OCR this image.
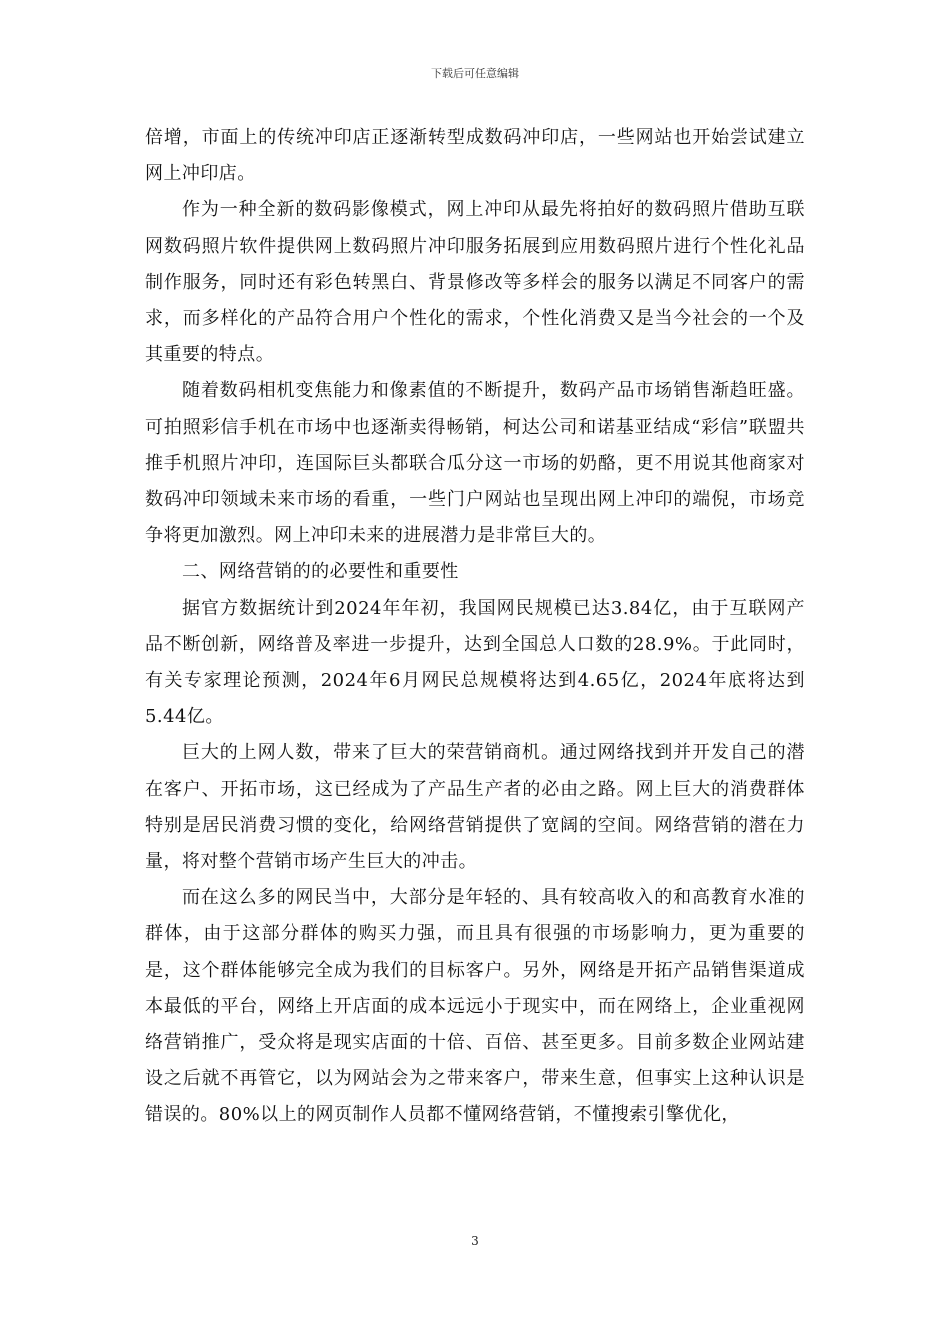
下载后可任意编辑

倍增，市面上的传统冲印店正逐渐转型成数码冲印店，一些网站也开始尝试建立网上冲印店。

作为一种全新的数码影像模式，网上冲印从最先将拍好的数码照片借助互联网数码照片软件提供网上数码照片冲印服务拓展到应用数码照片进行个性化礼品制作服务，同时还有彩色转黑白、背景修改等多样会的服务以满足不同客户的需求，而多样化的产品符合用户个性化的需求，个性化消费又是当今社会的一个及其重要的特点。

随着数码相机变焦能力和像素值的不断提升，数码产品市场销售渐趋旺盛。可拍照彩信手机在市场中也逐渐卖得畅销，柯达公司和诺基亚结成“彩信”联盟共推手机照片冲印，连国际巨头都联合瓜分这一市场的奶酪，更不用说其他商家对数码冲印领域未来市场的看重，一些门户网站也呈现出网上冲印的端倪，市场竞争将更加激烈。网上冲印未来的进展潜力是非常巨大的。

二、网络营销的的必要性和重要性

据官方数据统计到2024年年初，我国网民规模已达3.84亿，由于互联网产品不断创新，网络普及率进一步提升，达到全国总人口数的28.9%。于此同时，有关专家理论预测，2024年6月网民总规模将达到4.65亿，2024年底将达到5.44亿。

巨大的上网人数，带来了巨大的荣营销商机。通过网络找到并开发自己的潜在客户、开拓市场，这已经成为了产品生产者的必由之路。网上巨大的消费群体特别是居民消费习惯的变化，给网络营销提供了宽阔的空间。网络营销的潜在力量，将对整个营销市场产生巨大的冲击。

而在这么多的网民当中，大部分是年轻的、具有较高收入的和高教育水准的群体，由于这部分群体的购买力强，而且具有很强的市场影响力，更为重要的是，这个群体能够完全成为我们的目标客户。另外，网络是开拓产品销售渠道成本最低的平台，网络上开店面的成本远远小于现实中，而在网络上，企业重视网络营销推广，受众将是现实店面的十倍、百倍、甚至更多。目前多数企业网站建设之后就不再管它，以为网站会为之带来客户，带来生意，但事实上这种认识是错误的。80%以上的网页制作人员都不懂网络营销，不懂搜索引擎优化，

3
